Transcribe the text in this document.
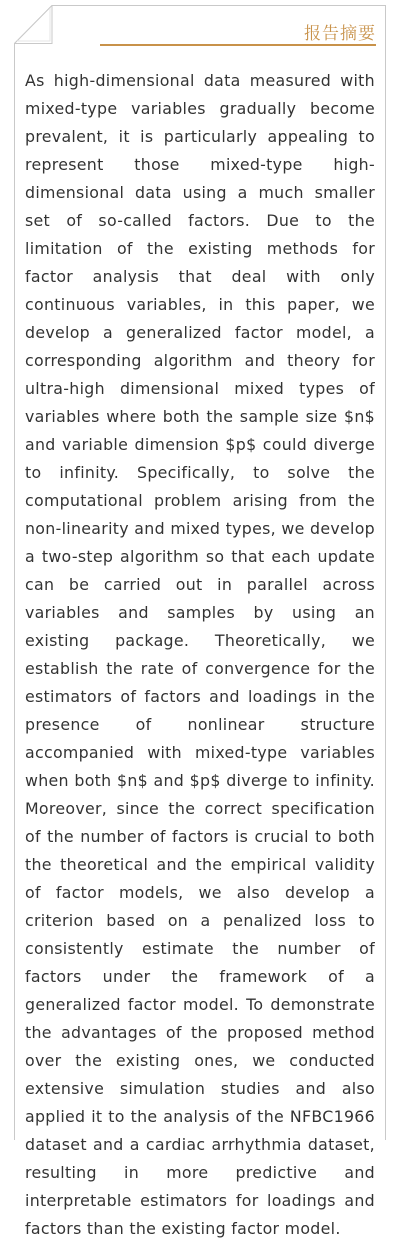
报告摘要

As high-dimensional data measured with mixed-type variables gradually become prevalent, it is particularly appealing to represent those mixed-type high-dimensional data using a much smaller set of so-called factors. Due to the limitation of the existing methods for factor analysis that deal with only continuous variables, in this paper, we develop a generalized factor model, a corresponding algorithm and theory for ultra-high dimensional mixed types of variables where both the sample size $n$ and variable dimension $p$ could diverge to infinity. Specifically, to solve the computational problem arising from the non-linearity and mixed types, we develop a two-step algorithm so that each update can be carried out in parallel across variables and samples by using an existing package. Theoretically, we establish the rate of convergence for the estimators of factors and loadings in the presence of nonlinear structure accompanied with mixed-type variables when both $n$ and $p$ diverge to infinity. Moreover, since the correct specification of the number of factors is crucial to both the theoretical and the empirical validity of factor models, we also develop a criterion based on a penalized loss to consistently estimate the number of factors under the framework of a generalized factor model. To demonstrate the advantages of the proposed method over the existing ones, we conducted extensive simulation studies and also applied it to the analysis of the NFBC1966 dataset and a cardiac arrhythmia dataset, resulting in more predictive and interpretable estimators for loadings and factors than the existing factor model.
